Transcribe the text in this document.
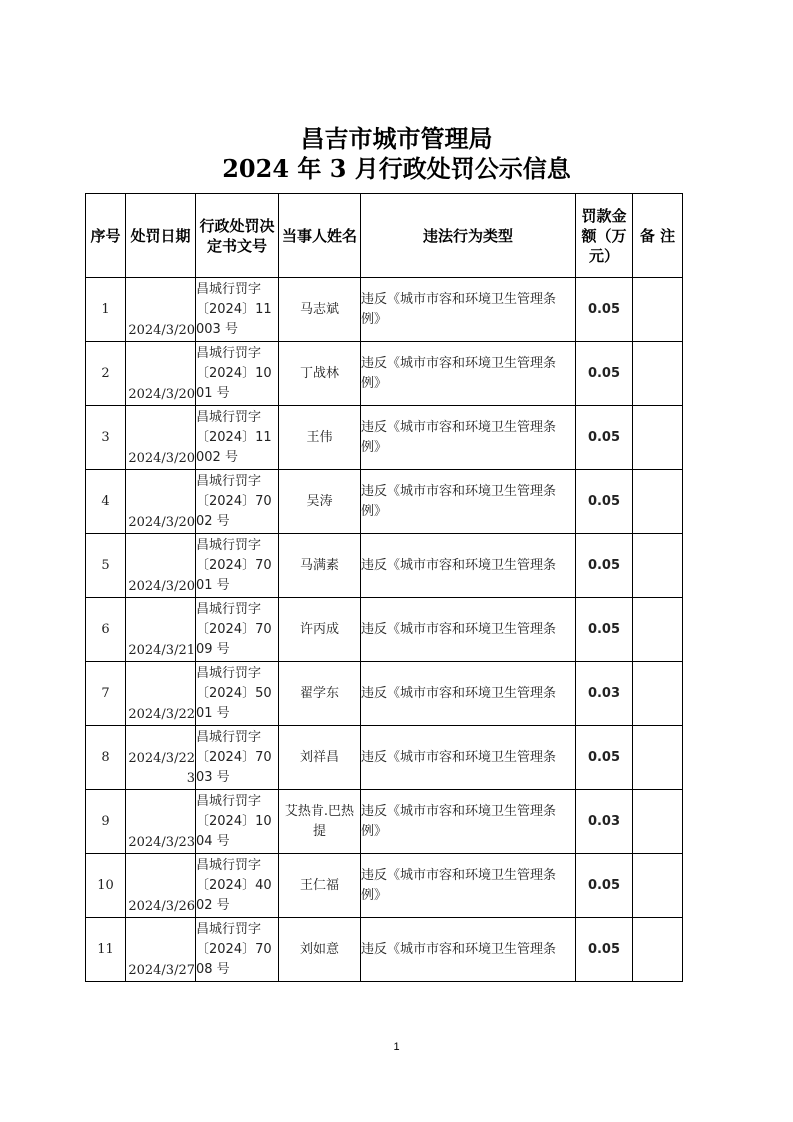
昌吉市城市管理局
2024 年 3 月行政处罚公示信息
序号	处罚日期	行政处罚决定书文号	当事人姓名	违法行为类型	罚款金额（万元）	备 注
1	2024/3/20	昌城行罚字〔2024〕11003 号	马志斌	违反《城市市容和环境卫生管理条例》	0.05	
2	2024/3/20	昌城行罚字〔2024〕1001 号	丁战林	违反《城市市容和环境卫生管理条例》	0.05	
3	2024/3/20	昌城行罚字〔2024〕11002 号	王伟	违反《城市市容和环境卫生管理条例》	0.05	
4	2024/3/20	昌城行罚字〔2024〕7002 号	吴涛	违反《城市市容和环境卫生管理条例》	0.05	
5	2024/3/20	昌城行罚字〔2024〕7001 号	马满素	违反《城市市容和环境卫生管理条	0.05	
6	2024/3/21	昌城行罚字〔2024〕7009 号	许丙成	违反《城市市容和环境卫生管理条	0.05	
7	2024/3/22	昌城行罚字〔2024〕5001 号	翟学东	违反《城市市容和环境卫生管理条	0.03	
8	2024/3/22 3	昌城行罚字〔2024〕7003 号	刘祥昌	违反《城市市容和环境卫生管理条	0.05	
9	2024/3/23	昌城行罚字〔2024〕1004 号	艾热肯.巴热提	违反《城市市容和环境卫生管理条例》	0.03	
10	2024/3/26	昌城行罚字〔2024〕4002 号	王仁福	违反《城市市容和环境卫生管理条例》	0.05	
11	2024/3/27	昌城行罚字〔2024〕7008 号	刘如意	违反《城市市容和环境卫生管理条	0.05	
1
